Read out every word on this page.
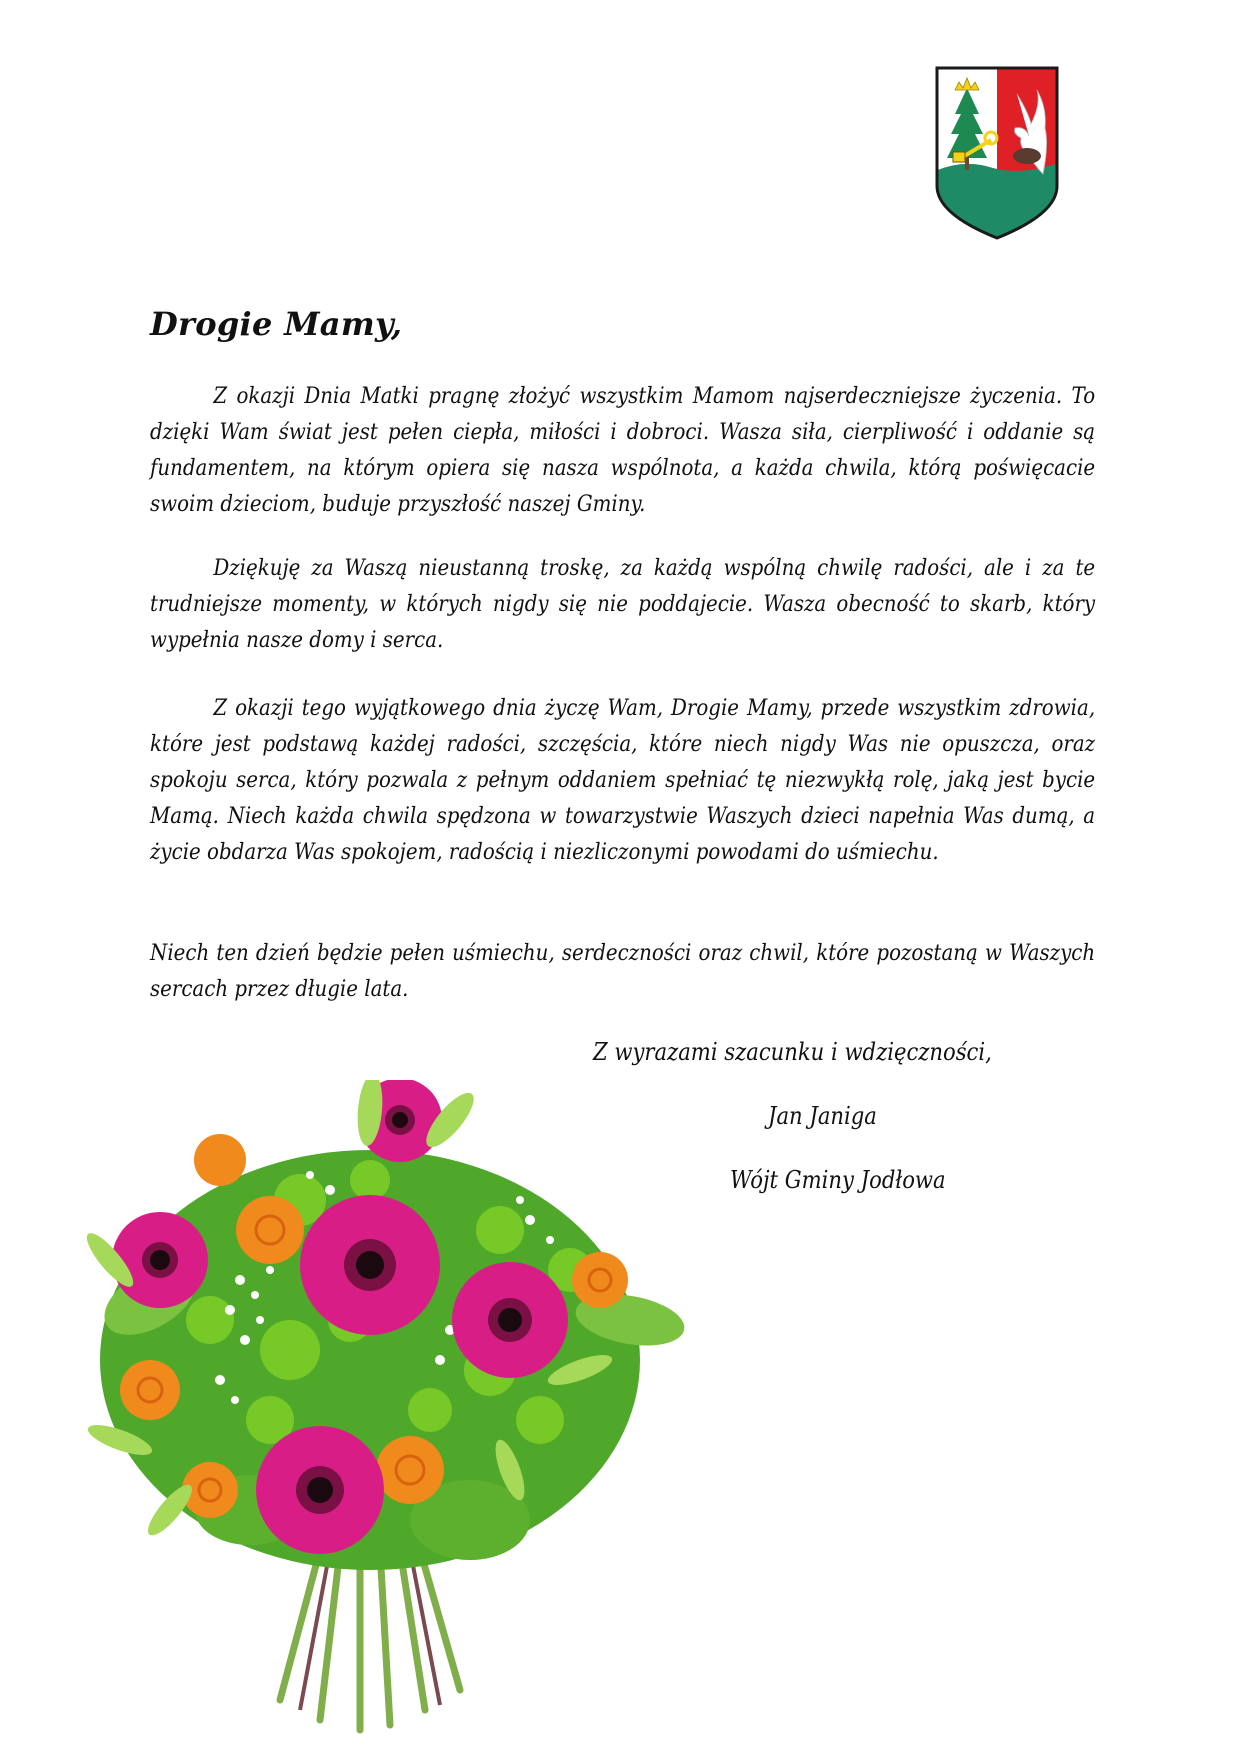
Drogie Mamy,
Z okazji Dnia Matki pragnę złożyć wszystkim Mamom najserdeczniejsze życzenia. To dzięki Wam świat jest pełen ciepła, miłości i dobroci. Wasza siła, cierpliwość i oddanie są fundamentem, na którym opiera się nasza wspólnota, a każda chwila, którą poświęcacie swoim dzieciom, buduje przyszłość naszej Gminy.
Dziękuję za Waszą nieustanną troskę, za każdą wspólną chwilę radości, ale i za te trudniejsze momenty, w których nigdy się nie poddajecie. Wasza obecność to skarb, który wypełnia nasze domy i serca.
Z okazji tego wyjątkowego dnia życzę Wam, Drogie Mamy, przede wszystkim zdrowia, które jest podstawą każdej radości, szczęścia, które niech nigdy Was nie opuszcza, oraz spokoju serca, który pozwala z pełnym oddaniem spełniać tę niezwykłą rolę, jaką jest bycie Mamą. Niech każda chwila spędzona w towarzystwie Waszych dzieci napełnia Was dumą, a życie obdarza Was spokojem, radością i niezliczonymi powodami do uśmiechu.
Niech ten dzień będzie pełen uśmiechu, serdeczności oraz chwil, które pozostaną w Waszych sercach przez długie lata.
Z wyrazami szacunku i wdzięczności,
Jan Janiga
Wójt Gminy Jodłowa
